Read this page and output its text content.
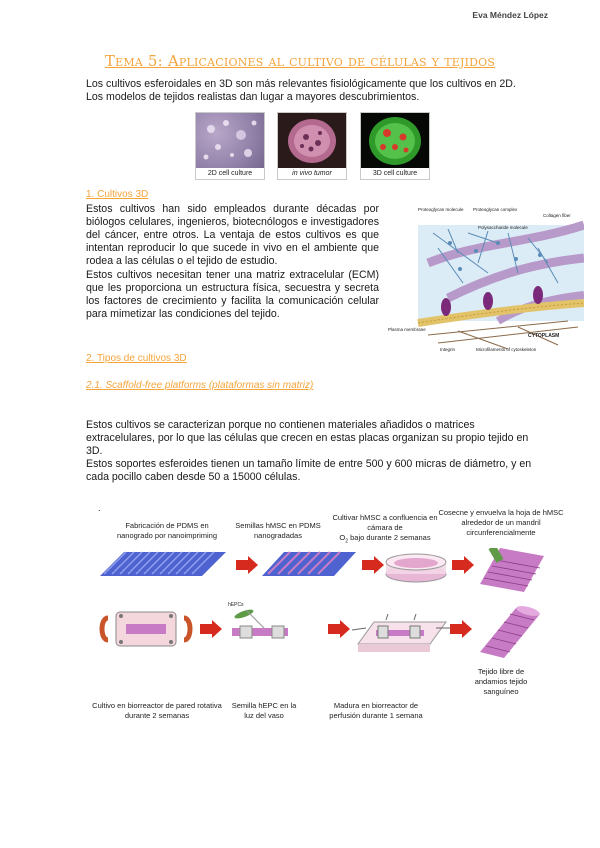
Eva Méndez López
Tema 5: Aplicaciones al cultivo de células y tejidos
Los cultivos esferoidales en 3D son más relevantes fisiológicamente que los cultivos en 2D.
Los modelos de tejidos realistas dan lugar a mayores descubrimientos.
2D cell culture	in vivo tumor	3D cell culture
1. Cultivos 3D
Estos cultivos han sido empleados durante décadas por biólogos celulares, ingenieros, biotecnólogos e investigadores del cáncer, entre otros. La ventaja de estos cultivos es que intentan reproducir lo que sucede in vivo en el ambiente que rodea a las células o el tejido de estudio.
Estos cultivos necesitan tener una matriz extracelular (ECM) que les proporciona un estructura física, secuestra y secreta los factores de crecimiento y facilita la comunicación celular para mimetizar las condiciones del tejido.
Proteoglycan molecule Proteoglycan complex
Collagen fiber
Polysaccharide molecule
Plasma membrane
CYTOPLASM
Integrin	Microfilaments of cytoskeleton
2. Tipos de cultivos 3D
2.1. Scaffold-free platforms (plataformas sin matriz)
Estos cultivos se caracterizan porque no contienen materiales añadidos o matrices extracelulares, por lo que las células que crecen en estas placas organizan su propio tejido en 3D.
Estos soportes esferoides tienen un tamaño límite de entre 500 y 600 micras de diámetro, y en cada pocillo caben desde 50 a 15000 células.
.
Fabricación de PDMS en nanogrado por nanoimpriming
Semillas hMSC en PDMS nanogradadas
Cultivar hMSC a confluencia en cámara de
$O_2$ bajo durante 2 semanas
Cosecne y envuelva la hoja de hMSC alrededor de un mandril circunferencialmente
hEPCs
Cultivo en biorreactor de pared rotativa durante 2 semanas
Semilla hEPC en la luz del vaso
Madura en biorreactor de perfusión durante 1 semana
Tejido libre de andamios tejido sanguíneo
